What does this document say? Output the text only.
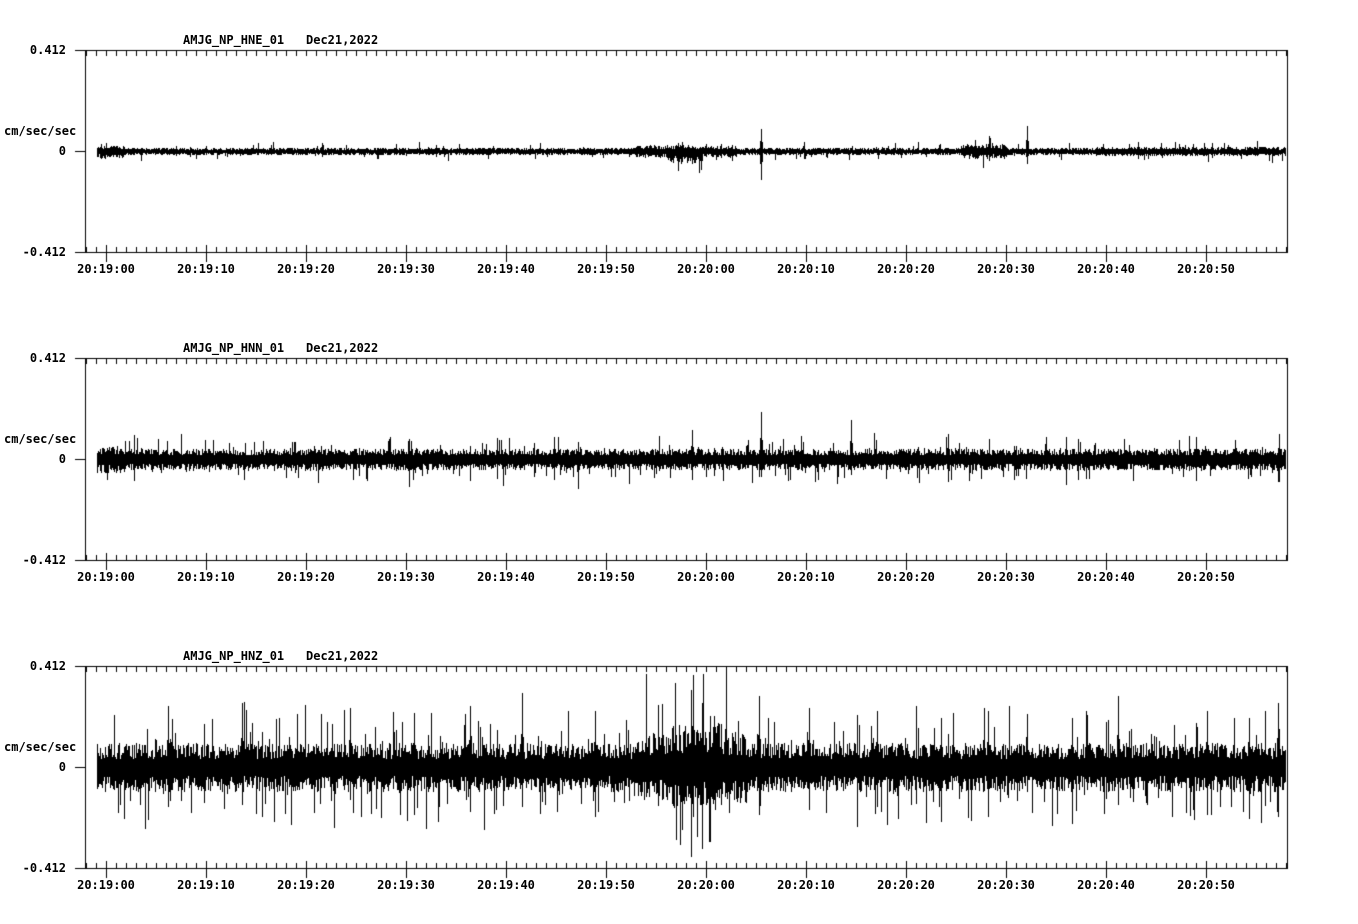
AMJG_NP_HNE_01 Dec21,2022
0.412
0
-0.412
cm/sec/sec
20:19:00	20:19:10	20:19:20	20:19:30	20:19:40	20:19:50	20:20:00	20:20:10	20:20:20	20:20:30	20:20:40	20:20:50
AMJG_NP_HNN_01 Dec21,2022
0.412
0
-0.412
cm/sec/sec
20:19:00	20:19:10	20:19:20	20:19:30	20:19:40	20:19:50	20:20:00	20:20:10	20:20:20	20:20:30	20:20:40	20:20:50
AMJG_NP_HNZ_01 Dec21,2022
0.412
0
-0.412
cm/sec/sec
20:19:00	20:19:10	20:19:20	20:19:30	20:19:40	20:19:50	20:20:00	20:20:10	20:20:20	20:20:30	20:20:40	20:20:50
